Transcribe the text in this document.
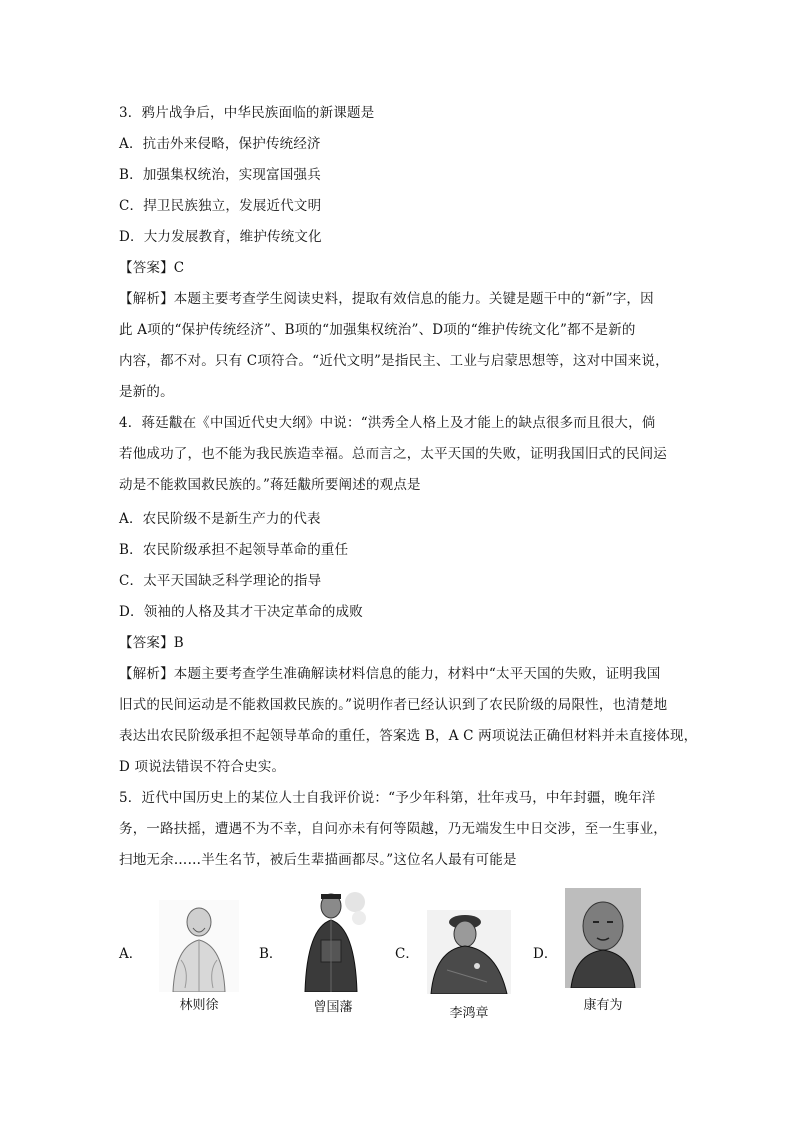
3．鸦片战争后，中华民族面临的新课题是
A．抗击外来侵略，保护传统经济
B．加强集权统治，实现富国强兵
C．捍卫民族独立，发展近代文明
D．大力发展教育，维护传统文化
【答案】C
【解析】本题主要考查学生阅读史料，提取有效信息的能力。关键是题干中的“新”字，因
此 A项的“保护传统经济”、B项的“加强集权统治”、D项的“维护传统文化”都不是新的
内容，都不对。只有 C项符合。“近代文明”是指民主、工业与启蒙思想等，这对中国来说，
是新的。
4．蒋廷黻在《中国近代史大纲》中说：“洪秀全人格上及才能上的缺点很多而且很大，倘
若他成功了，也不能为我民族造幸福。总而言之，太平天国的失败，证明我国旧式的民间运
动是不能救国救民族的。”蒋廷黻所要阐述的观点是
A．农民阶级不是新生产力的代表
B．农民阶级承担不起领导革命的重任
C．太平天国缺乏科学理论的指导
D．领袖的人格及其才干决定革命的成败
【答案】B
【解析】本题主要考查学生准确解读材料信息的能力，材料中“太平天国的失败，证明我国
旧式的民间运动是不能救国救民族的。”说明作者已经认识到了农民阶级的局限性，也清楚地
表达出农民阶级承担不起领导革命的重任，答案选 B，A C 两项说法正确但材料并未直接体现，
D 项说法错误不符合史实。
5．近代中国历史上的某位人士自我评价说：“予少年科第，壮年戎马，中年封疆，晚年洋
务，一路扶摇，遭遇不为不幸，自问亦未有何等陨越，乃无端发生中日交涉，至一生事业，
扫地无余……半生名节，被后生辈描画都尽。”这位名人最有可能是
A．
林则徐
B．
曾国藩
C．
李鸿章
D．
康有为
